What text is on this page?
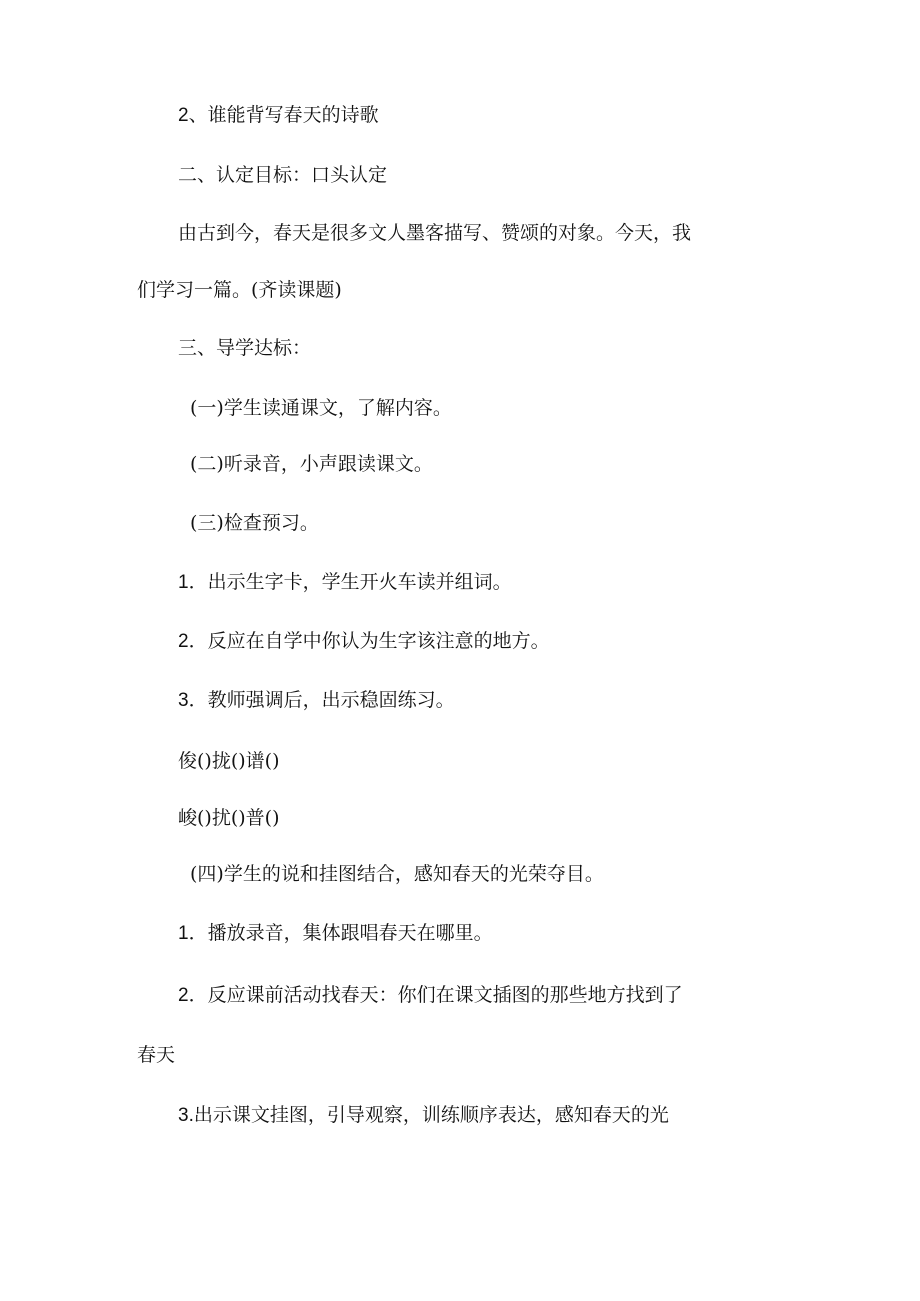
2、谁能背写春天的诗歌
二、认定目标：口头认定
由古到今，春天是很多文人墨客描写、赞颂的对象。今天，我
们学习一篇。(齐读课题)
三、导学达标：
(一)学生读通课文，了解内容。
(二)听录音，小声跟读课文。
(三)检查预习。
1．出示生字卡，学生开火车读并组词。
2．反应在自学中你认为生字该注意的地方。
3．教师强调后，出示稳固练习。
俊()拢()谱()
峻()扰()普()
(四)学生的说和挂图结合，感知春天的光荣夺目。
1．播放录音，集体跟唱春天在哪里。
2．反应课前活动找春天：你们在课文插图的那些地方找到了
春天
3.出示课文挂图，引导观察，训练顺序表达，感知春天的光
